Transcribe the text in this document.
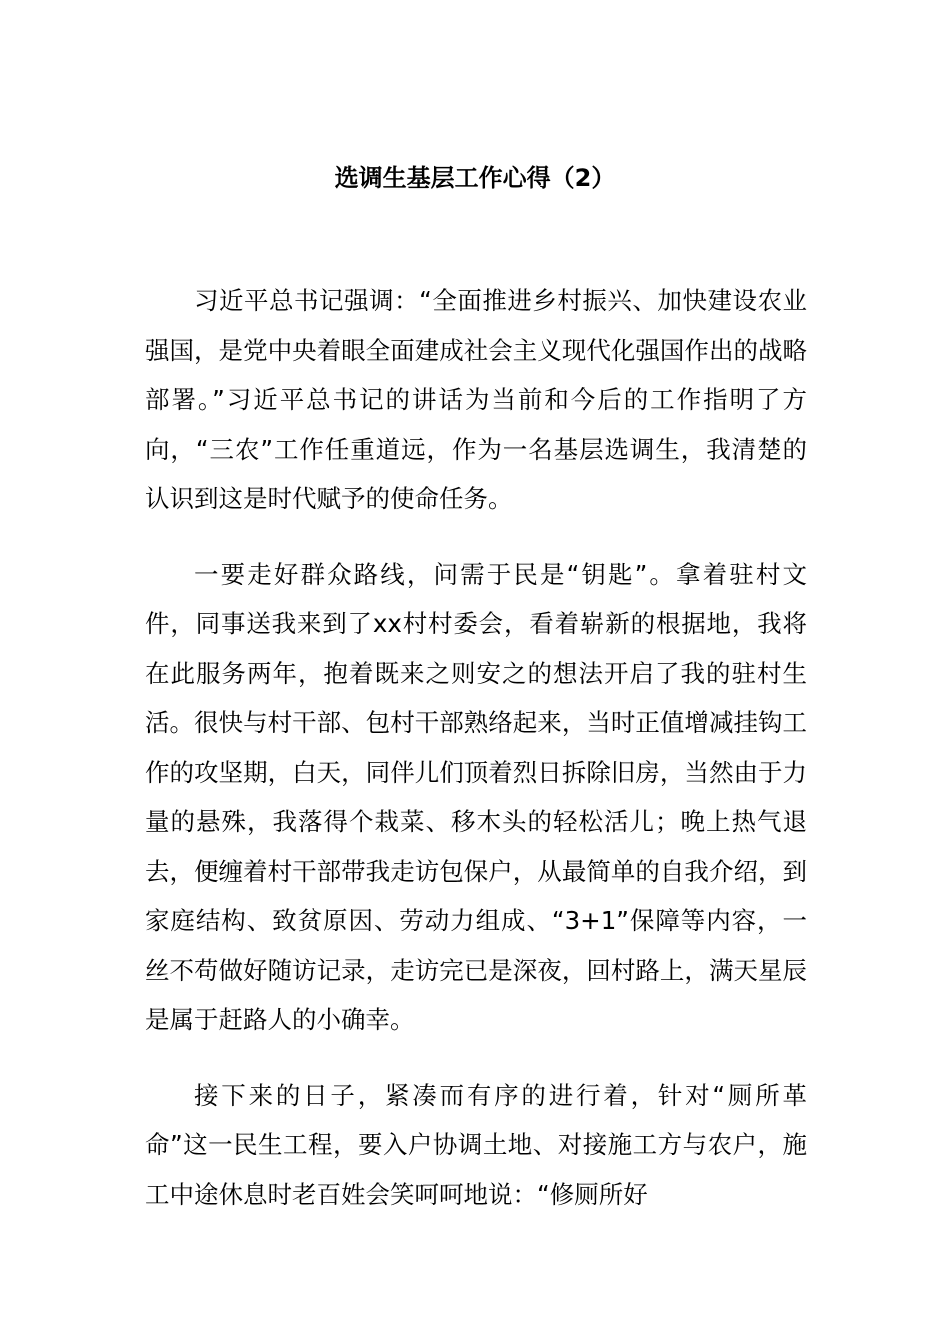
选调生基层工作心得（2）

习近平总书记强调：“全面推进乡村振兴、加快建设农业强国，是党中央着眼全面建成社会主义现代化强国作出的战略部署。”习近平总书记的讲话为当前和今后的工作指明了方向，“三农”工作任重道远，作为一名基层选调生，我清楚的认识到这是时代赋予的使命任务。

一要走好群众路线，问需于民是“钥匙”。拿着驻村文件，同事送我来到了xx村村委会，看着崭新的根据地，我将在此服务两年，抱着既来之则安之的想法开启了我的驻村生活。很快与村干部、包村干部熟络起来，当时正值增减挂钩工作的攻坚期，白天，同伴儿们顶着烈日拆除旧房，当然由于力量的悬殊，我落得个栽菜、移木头的轻松活儿；晚上热气退去，便缠着村干部带我走访包保户，从最简单的自我介绍，到家庭结构、致贫原因、劳动力组成、“3+1”保障等内容，一丝不苟做好随访记录，走访完已是深夜，回村路上，满天星辰是属于赶路人的小确幸。

接下来的日子，紧凑而有序的进行着，针对“厕所革命”这一民生工程，要入户协调土地、对接施工方与农户，施工中途休息时老百姓会笑呵呵地说：“修厕所好
